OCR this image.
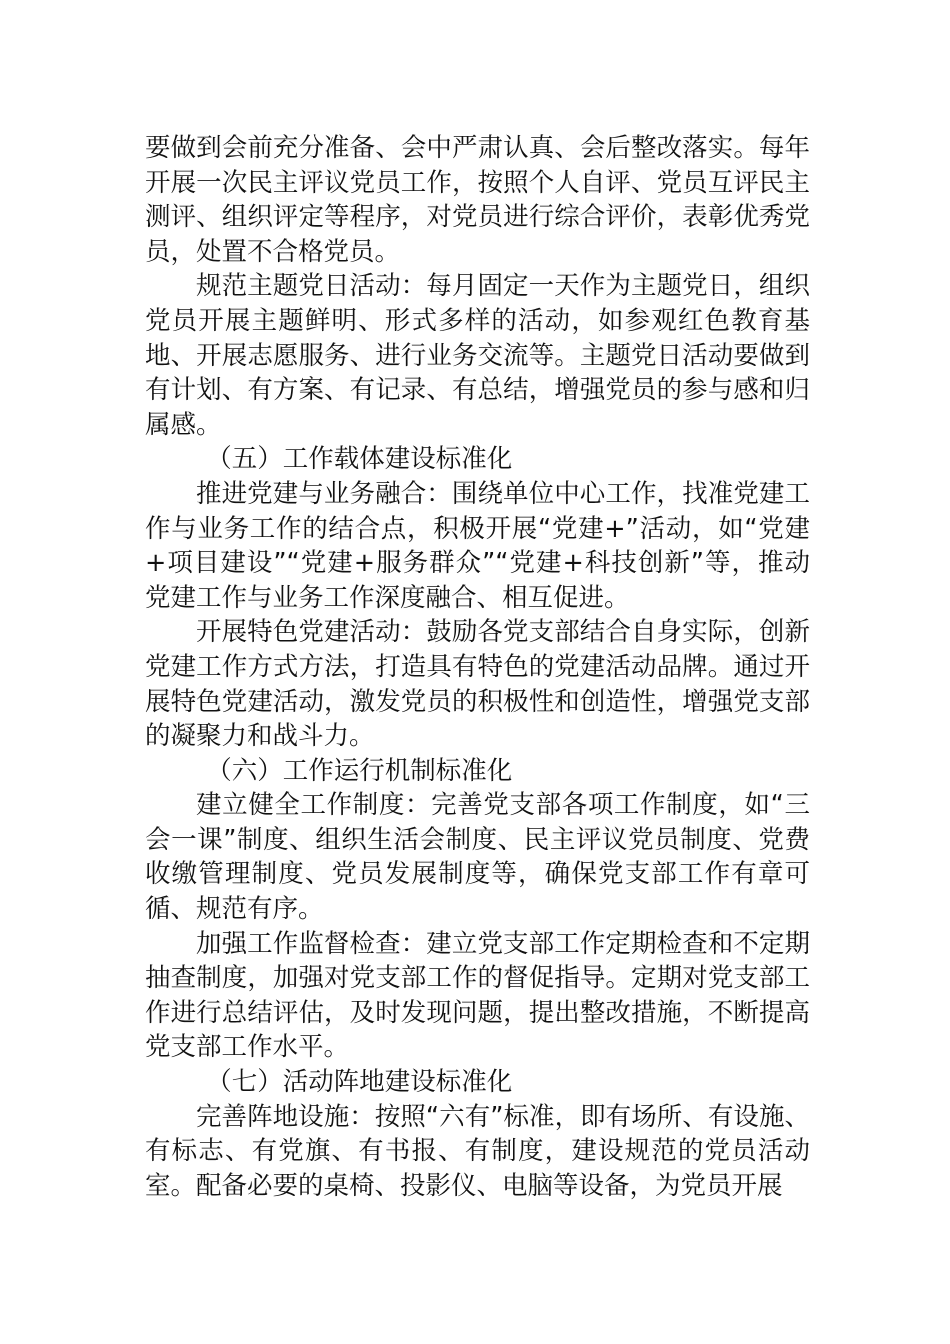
要做到会前充分准备、会中严肃认真、会后整改落实。每年开展一次民主评议党员工作，按照个人自评、党员互评民主测评、组织评定等程序，对党员进行综合评价，表彰优秀党员，处置不合格党员。

规范主题党日活动：每月固定一天作为主题党日，组织党员开展主题鲜明、形式多样的活动，如参观红色教育基地、开展志愿服务、进行业务交流等。主题党日活动要做到有计划、有方案、有记录、有总结，增强党员的参与感和归属感。

（五）工作载体建设标准化

推进党建与业务融合：围绕单位中心工作，找准党建工作与业务工作的结合点，积极开展“党建+”活动，如“党建+项目建设”“党建+服务群众”“党建+科技创新”等，推动党建工作与业务工作深度融合、相互促进。

开展特色党建活动：鼓励各党支部结合自身实际，创新党建工作方式方法，打造具有特色的党建活动品牌。通过开展特色党建活动，激发党员的积极性和创造性，增强党支部的凝聚力和战斗力。

（六）工作运行机制标准化

建立健全工作制度：完善党支部各项工作制度，如“三会一课”制度、组织生活会制度、民主评议党员制度、党费收缴管理制度、党员发展制度等，确保党支部工作有章可循、规范有序。

加强工作监督检查：建立党支部工作定期检查和不定期抽查制度，加强对党支部工作的督促指导。定期对党支部工作进行总结评估，及时发现问题，提出整改措施，不断提高党支部工作水平。

（七）活动阵地建设标准化

完善阵地设施：按照“六有”标准，即有场所、有设施、有标志、有党旗、有书报、有制度，建设规范的党员活动室。配备必要的桌椅、投影仪、电脑等设备，为党员开展
